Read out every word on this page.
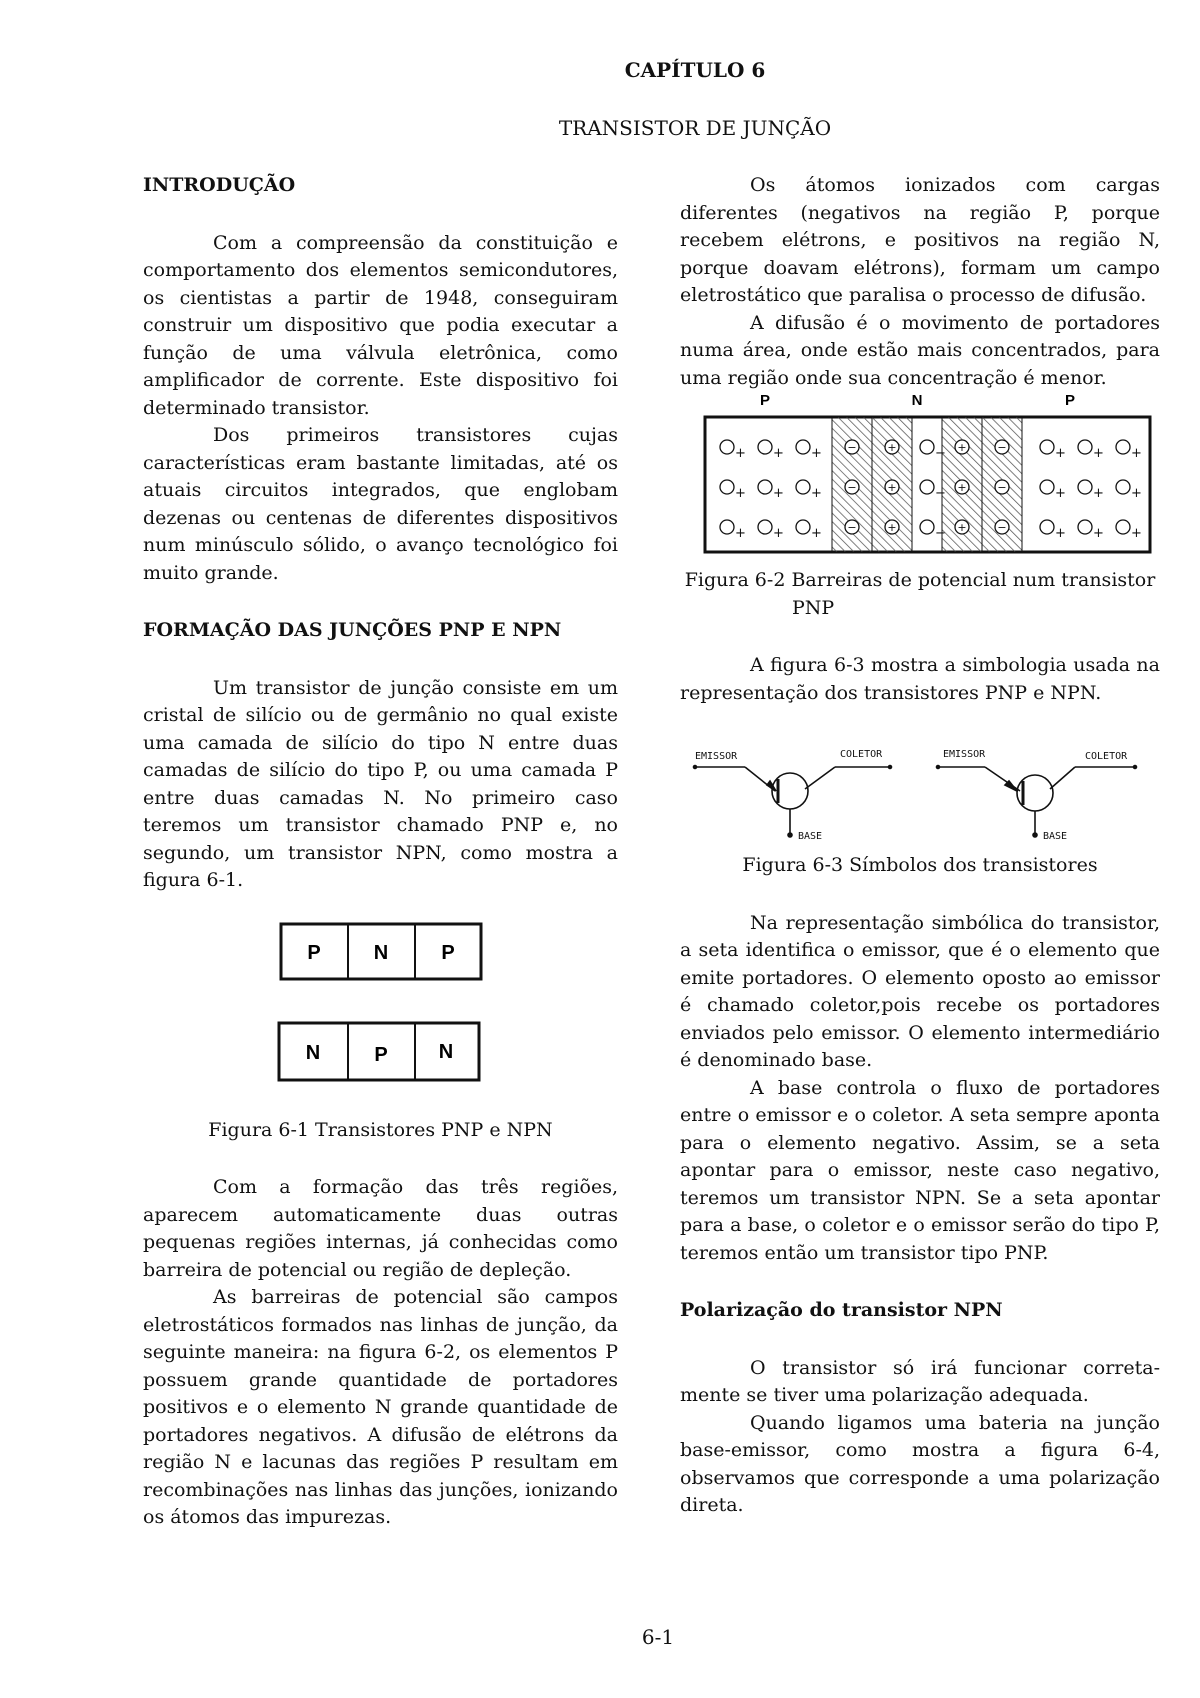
CAPÍTULO 6
TRANSISTOR DE JUNÇÃO
INTRODUÇÃO

Com a compreensão da constituição e comportamento dos elementos semicondutores, os cientistas a partir de 1948, conseguiram construir um dispositivo que podia executar a função de uma válvula eletrônica, como amplificador de corrente. Este dispositivo foi determinado transistor.

Dos primeiros transistores cujas características eram bastante limitadas, até os atuais circuitos integrados, que englobam dezenas ou centenas de diferentes dispositivos num minúsculo sólido, o avanço tecnológico foi muito grande.

FORMAÇÃO DAS JUNÇÕES PNP E NPN

Um transistor de junção consiste em um cristal de silício ou de germânio no qual existe uma camada de silício do tipo N entre duas camadas de silício do tipo P, ou uma camada P entre duas camadas N. No primeiro caso teremos um transistor chamado PNP e, no segundo, um transistor NPN, como mostra a figura 6-1.

P	N	P
N	P	N

Figura 6-1 Transistores PNP e NPN

Com a formação das três regiões, aparecem automaticamente duas outras pequenas regiões internas, já conhecidas como barreira de potencial ou região de depleção.

As barreiras de potencial são campos eletrostáticos formados nas linhas de junção, da seguinte maneira: na figura 6-2, os elementos P possuem grande quantidade de portadores positivos e o elemento N grande quantidade de portadores negativos. A difusão de elétrons da região N e lacunas das regiões P resultam em recombinações nas linhas das junções, ionizando os átomos das impurezas.

Os átomos ionizados com cargas diferentes (negativos na região P, porque recebem elétrons, e positivos na região N, porque doavam elétrons), formam um campo eletrostático que paralisa o processo de difusão.

A difusão é o movimento de portadores numa área, onde estão mais concentrados, para uma região onde sua concentração é menor.

P	N	P
+ + + −	+	− +	−	+ + +
+ + + −	+	− +	−	+ + +
+ + + −	+	− +	−	+ + +

Figura 6-2 Barreiras de potencial num transistor

PNP

A figura 6-3 mostra a simbologia usada na representação dos transistores PNP e NPN.

EMISSOR	COLETOR
BASE
EMISSOR	COLETOR
BASE

Figura 6-3 Símbolos dos transistores

Na representação simbólica do transistor, a seta identifica o emissor, que é o elemento que emite portadores. O elemento oposto ao emissor é chamado coletor,pois recebe os portadores enviados pelo emissor. O elemento intermediário é denominado base.

A base controla o fluxo de portadores entre o emissor e o coletor. A seta sempre aponta para o elemento negativo. Assim, se a seta apontar para o emissor, neste caso negativo, teremos um transistor NPN. Se a seta apontar para a base, o coletor e o emissor serão do tipo P, teremos então um transistor tipo PNP.

Polarização do transistor NPN

O transistor só irá funcionar correta-mente se tiver uma polarização adequada.

Quando ligamos uma bateria na junção base-emissor, como mostra a figura 6-4, observamos que corresponde a uma polarização direta.

6-1
